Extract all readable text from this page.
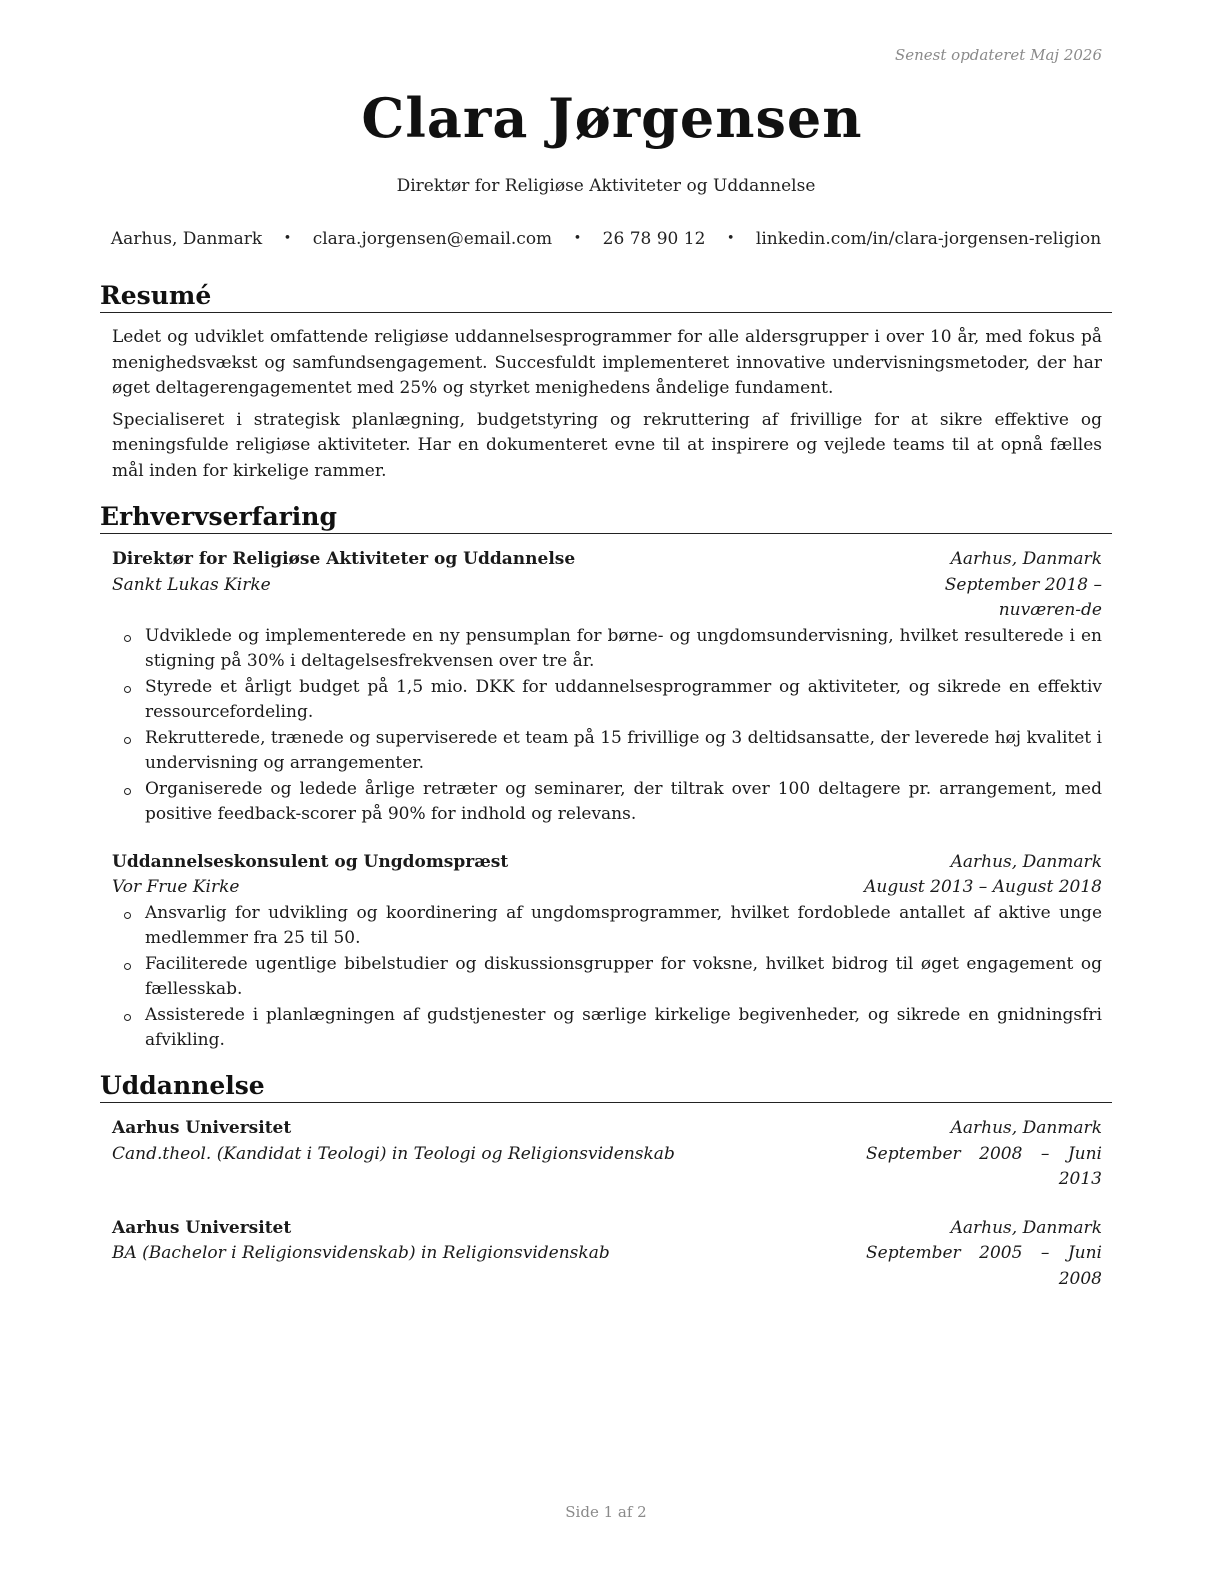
Senest opdateret Maj 2026
Clara Jørgensen
Direktør for Religiøse Aktiviteter og Uddannelse
Aarhus, Danmark • clara.jorgensen@email.com • 26 78 90 12 • linkedin.com/in/clara-jorgensen-religion
Resumé

Ledet og udviklet omfattende religiøse uddannelsesprogrammer for alle aldersgrupper i over 10 år, med fokus på menighedsvækst og samfundsengagement. Succesfuldt implementeret innovative undervisningsmetoder, der har øget deltagerengagementet med 25% og styrket menighedens åndelige fundament.

Specialiseret i strategisk planlægning, budgetstyring og rekruttering af frivillige for at sikre effektive og meningsfulde religiøse aktiviteter. Har en dokumenteret evne til at inspirere og vejlede teams til at opnå fælles mål inden for kirkelige rammer.

Erhvervserfaring
Direktør for Religiøse Aktiviteter og Uddannelse	Aarhus, Danmark
Sankt Lukas Kirke	September 2018 – nuværen-de
Udviklede og implementerede en ny pensumplan for børne- og ungdomsundervisning, hvilket resulterede i en stigning på 30% i deltagelsesfrekvensen over tre år.
Styrede et årligt budget på 1,5 mio. DKK for uddannelsesprogrammer og aktiviteter, og sikrede en effektiv ressourcefordeling.
Rekrutterede, trænede og superviserede et team på 15 frivillige og 3 deltidsansatte, der leverede høj kvalitet i undervisning og arrangementer.
Organiserede og ledede årlige retræter og seminarer, der tiltrak over 100 deltagere pr. arrangement, med positive feedback-scorer på 90% for indhold og relevans.
Uddannelseskonsulent og Ungdomspræst	Aarhus, Danmark
Vor Frue Kirke	August 2013 – August 2018
Ansvarlig for udvikling og koordinering af ungdomsprogrammer, hvilket fordoblede antallet af aktive unge medlemmer fra 25 til 50.
Faciliterede ugentlige bibelstudier og diskussionsgrupper for voksne, hvilket bidrog til øget engagement og fællesskab.
Assisterede i planlægningen af gudstjenester og særlige kirkelige begivenheder, og sikrede en gnidningsfri afvikling.
Uddannelse
Aarhus Universitet	Aarhus, Danmark
Cand.theol. (Kandidat i Teologi) in Teologi og Religionsvidenskab	September 2008 – Juni 2013
Aarhus Universitet	Aarhus, Danmark
BA (Bachelor i Religionsvidenskab) in Religionsvidenskab	September 2005 – Juni 2008
Side 1 af 2
